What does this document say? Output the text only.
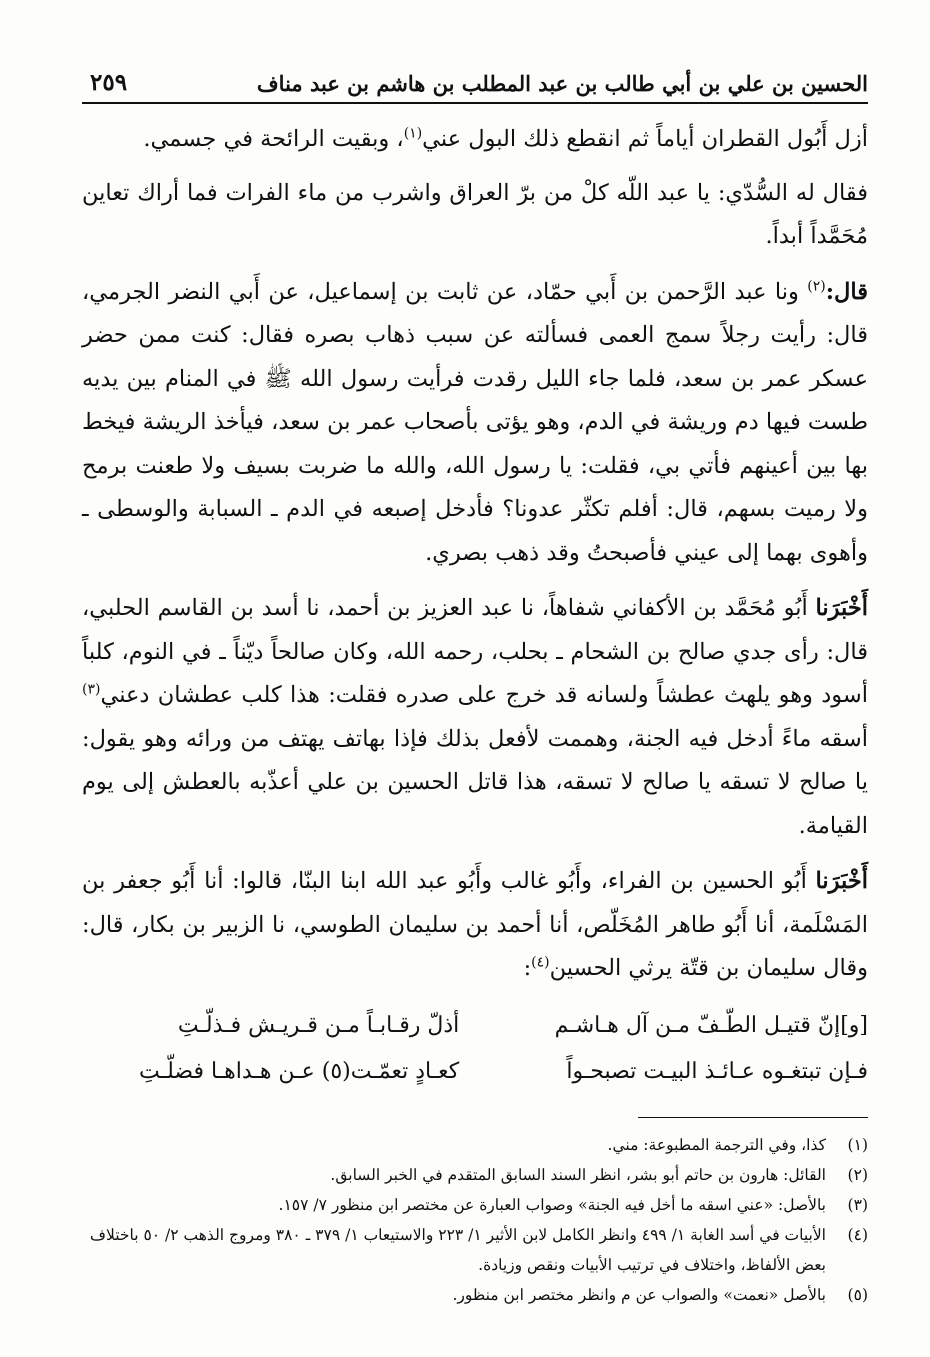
الحسين بن علي بن أبي طالب بن عبد المطلب بن هاشم بن عبد مناف
٢٥٩

أزل أَبُول القطران أياماً ثم انقطع ذلك البول عني$^{(١)}$، وبقيت الرائحة في جسمي.

فقال له السُّدّي: يا عبد اللّه كلْ من برّ العراق واشرب من ماء الفرات فما أراك تعاين مُحَمَّداً أبداً.

قال:$^{(٢)}$ ونا عبد الرَّحمن بن أَبي حمّاد، عن ثابت بن إسماعيل، عن أَبي النضر الجرمي، قال: رأيت رجلاً سمج العمى فسألته عن سبب ذهاب بصره فقال: كنت ممن حضر عسكر عمر بن سعد، فلما جاء الليل رقدت فرأيت رسول الله ﷺ في المنام بين يديه طست فيها دم وريشة في الدم، وهو يؤتى بأصحاب عمر بن سعد، فيأخذ الريشة فيخط بها بين أعينهم فأتي بي، فقلت: يا رسول الله، والله ما ضربت بسيف ولا طعنت برمح ولا رميت بسهم، قال: أفلم تكثّر عدونا؟ فأدخل إصبعه في الدم ـ السبابة والوسطى ـ وأهوى بهما إلى عيني فأصبحتُ وقد ذهب بصري.

أَخْبَرَنا أَبُو مُحَمَّد بن الأكفاني شفاهاً، نا عبد العزيز بن أحمد، نا أسد بن القاسم الحلبي، قال: رأى جدي صالح بن الشحام ـ بحلب، رحمه الله، وكان صالحاً ديّناً ـ في النوم، كلباً أسود وهو يلهث عطشاً ولسانه قد خرج على صدره فقلت: هذا كلب عطشان دعني$^{(٣)}$ أسقه ماءً أدخل فيه الجنة، وهممت لأفعل بذلك فإذا بهاتف يهتف من ورائه وهو يقول: يا صالح لا تسقه يا صالح لا تسقه، هذا قاتل الحسين بن علي أعذّبه بالعطش إلى يوم القيامة.

أَخْبَرَنا أَبُو الحسين بن الفراء، وأَبُو غالب وأَبُو عبد الله ابنا البنّا، قالوا: أنا أَبُو جعفر بن المَسْلَمة، أنا أَبُو طاهر المُخَلّص، أنا أحمد بن سليمان الطوسي، نا الزبير بن بكار، قال: وقال سليمان بن قتّة يرثي الحسين$^{(٤)}$:

[و]إنّ قتيـل الطّـفّ مـن آل هـاشـم
أذلّ رقـابـاً مـن قـريـش فـذلّـتِ
فـإن تبتغـوه عـائـذ البيـت تصبحـواً
كعـادٍ تعمّـت(٥) عـن هـداهـا فضلّـتِ
(١)
كذا، وفي الترجمة المطبوعة: مني.
(٢)
القائل: هارون بن حاتم أبو بشر، انظر السند السابق المتقدم في الخبر السابق.
(٣)
بالأصل: «عني اسقه ما أخل فيه الجنة» وصواب العبارة عن مختصر ابن منظور ٧/ ١٥٧.
(٤)
الأبيات في أسد الغابة ١/ ٤٩٩ وانظر الكامل لابن الأثير ١/ ٢٢٣ والاستيعاب ١/ ٣٧٩ ـ ٣٨٠ ومروج الذهب ٢/ ٥٠ باختلاف بعض الألفاظ، واختلاف في ترتيب الأبيات ونقص وزيادة.
(٥)
بالأصل «نعمت» والصواب عن م وانظر مختصر ابن منظور.
